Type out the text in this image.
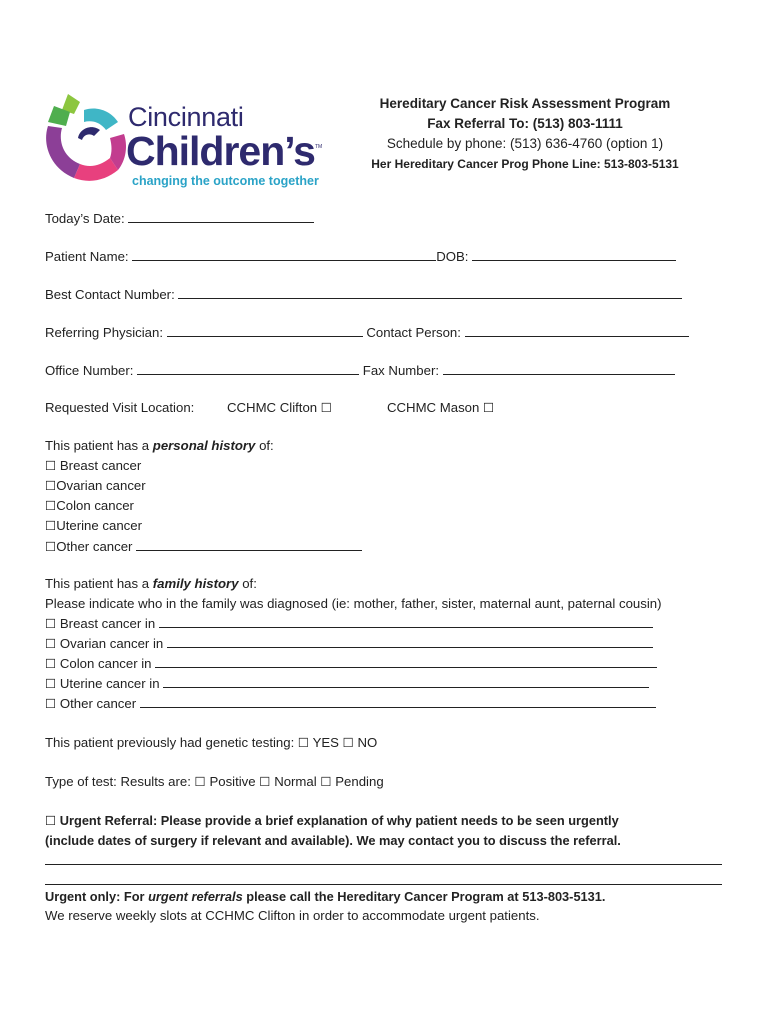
Cincinnati
Children’s TM
changing the outcome together
Hereditary Cancer Risk Assessment Program
Fax Referral To: (513) 803-1111
Schedule by phone: (513) 636-4760 (option 1)
Her Hereditary Cancer Prog Phone Line: 513-803-5131
Today’s Date:
Patient Name:	DOB:
Best Contact Number:
Referring Physician:	Contact Person:
Office Number:	Fax Number:
Requested Visit Location: CCHMC Clifton ☐	CCHMC Mason ☐
This patient has a personal history of:
☐ Breast cancer
☐Ovarian cancer
☐Colon cancer
☐Uterine cancer
☐Other cancer
This patient has a family history of:
Please indicate who in the family was diagnosed (ie: mother, father, sister, maternal aunt, paternal cousin)
☐ Breast cancer in
☐ Ovarian cancer in
☐ Colon cancer in
☐ Uterine cancer in
☐ Other cancer
This patient previously had genetic testing: ☐ YES ☐ NO
Type of test: Results are: ☐ Positive ☐ Normal ☐ Pending
☐ Urgent Referral: Please provide a brief explanation of why patient needs to be seen urgently
(include dates of surgery if relevant and available). We may contact you to discuss the referral.
Urgent only: For urgent referrals please call the Hereditary Cancer Program at 513-803-5131.
We reserve weekly slots at CCHMC Clifton in order to accommodate urgent patients.
